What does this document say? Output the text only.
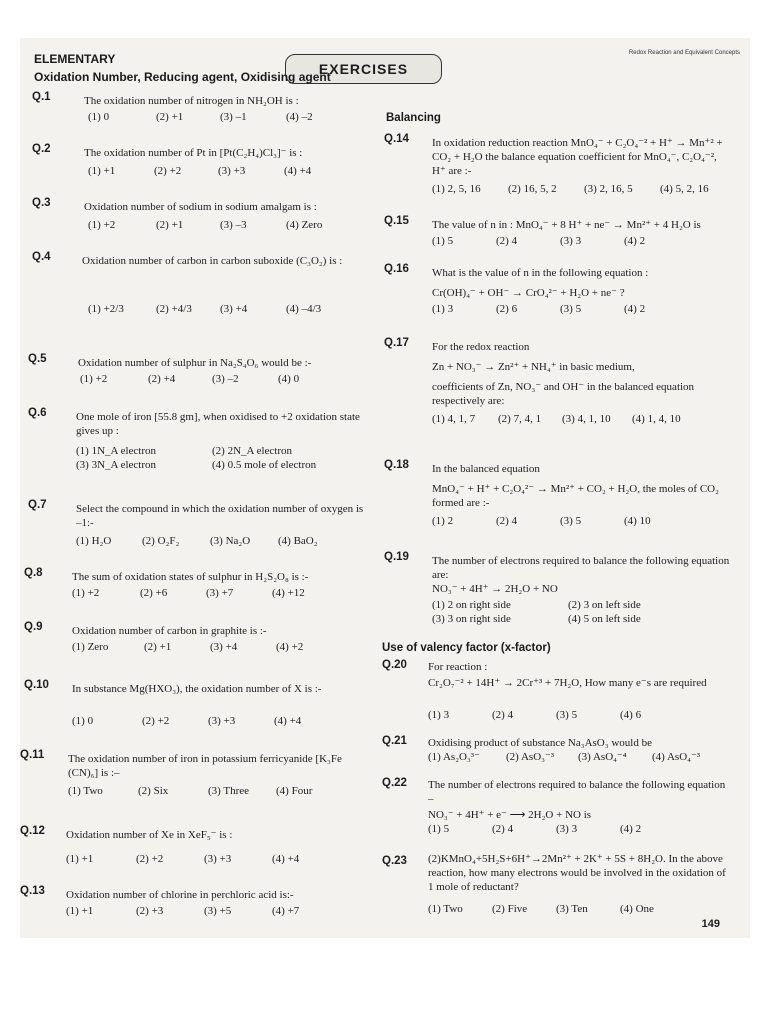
Redox Reaction and Equivalent Concepts
EXERCISES
ELEMENTARY
Oxidation Number, Reducing agent, Oxidising agent
Balancing
Use of valency factor (x-factor)
Q.1	The oxidation number of nitrogen in NH₂OH is :
(1) 0	(2) +1	(3) –1	(4) –2
Q.2	The oxidation number of Pt in [Pt(C₂H₄)Cl₃]⁻ is :
(1) +1	(2) +2	(3) +3	(4) +4
Q.3	Oxidation number of sodium in sodium amalgam is :
(1) +2	(2) +1	(3) –3	(4) Zero
Q.4	Oxidation number of carbon in carbon suboxide (C₃O₂) is :
(1) +2/3	(2) +4/3	(3) +4	(4) –4/3
Q.5	Oxidation number of sulphur in Na₂S₄O₆ would be :-
(1) +2	(2) +4	(3) –2	(4) 0
Q.6	One mole of iron [55.8 gm], when oxidised to +2 oxidation state gives up :
(1) 1N_A electron	(2) 2N_A electron
(3) 3N_A electron	(4) 0.5 mole of electron
Q.7	Select the compound in which the oxidation number of oxygen is –1:-
(1) H₂O	(2) O₂F₂	(3) Na₂O	(4) BaO₂
Q.8	The sum of oxidation states of sulphur in H₂S₂O₈ is :-
(1) +2	(2) +6	(3) +7	(4) +12
Q.9	Oxidation number of carbon in graphite is :-
(1) Zero	(2) +1	(3) +4	(4) +2
Q.10 In substance Mg(HXO₃), the oxidation number of X is :-
(1) 0	(2) +2	(3) +3	(4) +4
Q.11 The oxidation number of iron in potassium ferricyanide [K₃Fe (CN)₆] is :–
(1) Two	(2) Six	(3) Three (4) Four
Q.12 Oxidation number of Xe in XeF₅⁻ is :
(1) +1	(2) +2	(3) +3	(4) +4
Q.13 Oxidation number of chlorine in perchloric acid is:-
(1) +1	(2) +3	(3) +5	(4) +7
Q.14 In oxidation reduction reaction MnO₄⁻ + C₂O₄⁻² + H⁺ → Mn⁺² + CO₂ + H₂O the balance equation coefficient for MnO₄⁻, C₂O₄⁻², H⁺ are :-
(1) 2, 5, 16 (2) 16, 5, 2 (3) 2, 16, 5 (4) 5, 2, 16
Q.15 The value of n in : MnO₄⁻ + 8 H⁺ + ne⁻ → Mn²⁺ + 4 H₂O is
(1) 5	(2) 4	(3) 3	(4) 2
Q.16 What is the value of n in the following equation :
Cr(OH)₄⁻ + OH⁻ → CrO₄²⁻ + H₂O + ne⁻ ?
(1) 3	(2) 6	(3) 5	(4) 2
Q.17 For the redox reaction
Zn + NO₃⁻ → Zn²⁺ + NH₄⁺ in basic medium,
coefficients of Zn, NO₃⁻ and OH⁻ in the balanced equation respectively are:
(1) 4, 1, 7 (2) 7, 4, 1 (3) 4, 1, 10 (4) 1, 4, 10
Q.18 In the balanced equation
MnO₄⁻ + H⁺ + C₂O₄²⁻ → Mn²⁺ + CO₂ + H₂O, the moles of CO₂ formed are :-
(1) 2	(2) 4	(3) 5	(4) 10
Q.19 The number of electrons required to balance the following equation are:
NO₃⁻ + 4H⁺ → 2H₂O + NO
(1) 2 on right side	(2) 3 on left side
(3) 3 on right side	(4) 5 on left side
Q.20 For reaction :
Cr₂O₇⁻² + 14H⁺ → 2Cr⁺³ + 7H₂O, How many e⁻s are required
(1) 3	(2) 4	(3) 5	(4) 6
Q.21 Oxidising product of substance Na₃AsO₃ would be
(1) As₂O₃³⁻ (2) AsO₃⁻³ (3) AsO₄⁻⁴ (4) AsO₄⁻³
Q.22 The number of electrons required to balance the following equation –
NO₃⁻ + 4H⁺ + e⁻ ⟶ 2H₂O + NO is
(1) 5	(2) 4	(3) 3	(4) 2
Q.23 (2)KMnO₄+5H₂S+6H⁺→2Mn²⁺ + 2K⁺ + 5S + 8H₂O. In the above reaction, how many electrons would be involved in the oxidation of 1 mole of reductant?
(1) Two	(2) Five	(3) Ten	(4) One
149
